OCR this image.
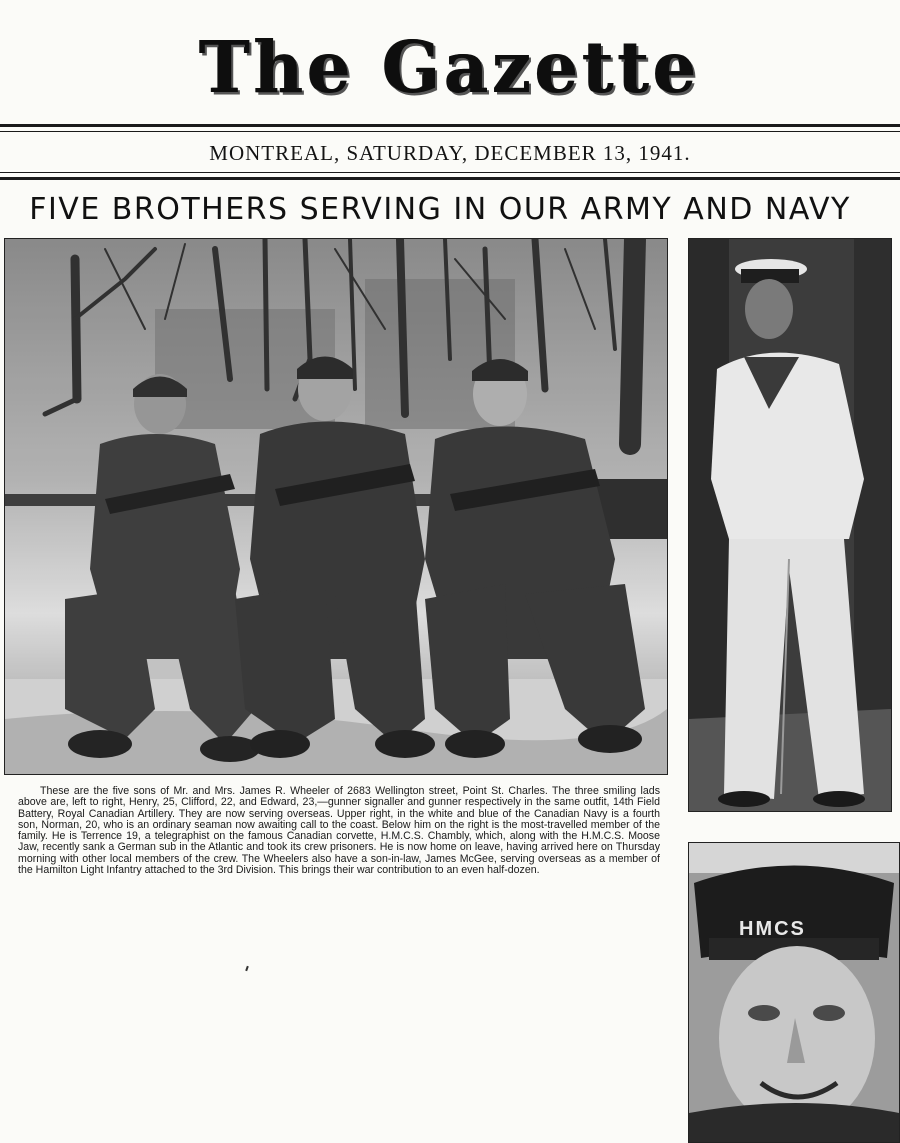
The Gazette
MONTREAL, SATURDAY, DECEMBER 13, 1941.
FIVE BROTHERS SERVING IN OUR ARMY AND NAVY
HMCS

These are the five sons of Mr. and Mrs. James R. Wheeler of 2683 Wellington street, Point St. Charles. The three smiling lads above are, left to right, Henry, 25, Clifford, 22, and Edward, 23,—gunner signaller and gunner respectively in the same outfit, 14th Field Battery, Royal Canadian Artillery. They are now serving overseas. Upper right, in the white and blue of the Canadian Navy is a fourth son, Norman, 20, who is an ordinary seaman now awaiting call to the coast. Below him on the right is the most-travelled member of the family. He is Terrence 19, a telegraphist on the famous Canadian corvette, H.M.C.S. Chambly, which, along with the H.M.C.S. Moose Jaw, recently sank a German sub in the Atlantic and took its crew prisoners. He is now home on leave, having arrived here on Thursday morning with other local members of the crew. The Wheelers also have a son-in-law, James McGee, serving overseas as a member of the Hamilton Light Infantry attached to the 3rd Division. This brings their war contribution to an even half-dozen.
